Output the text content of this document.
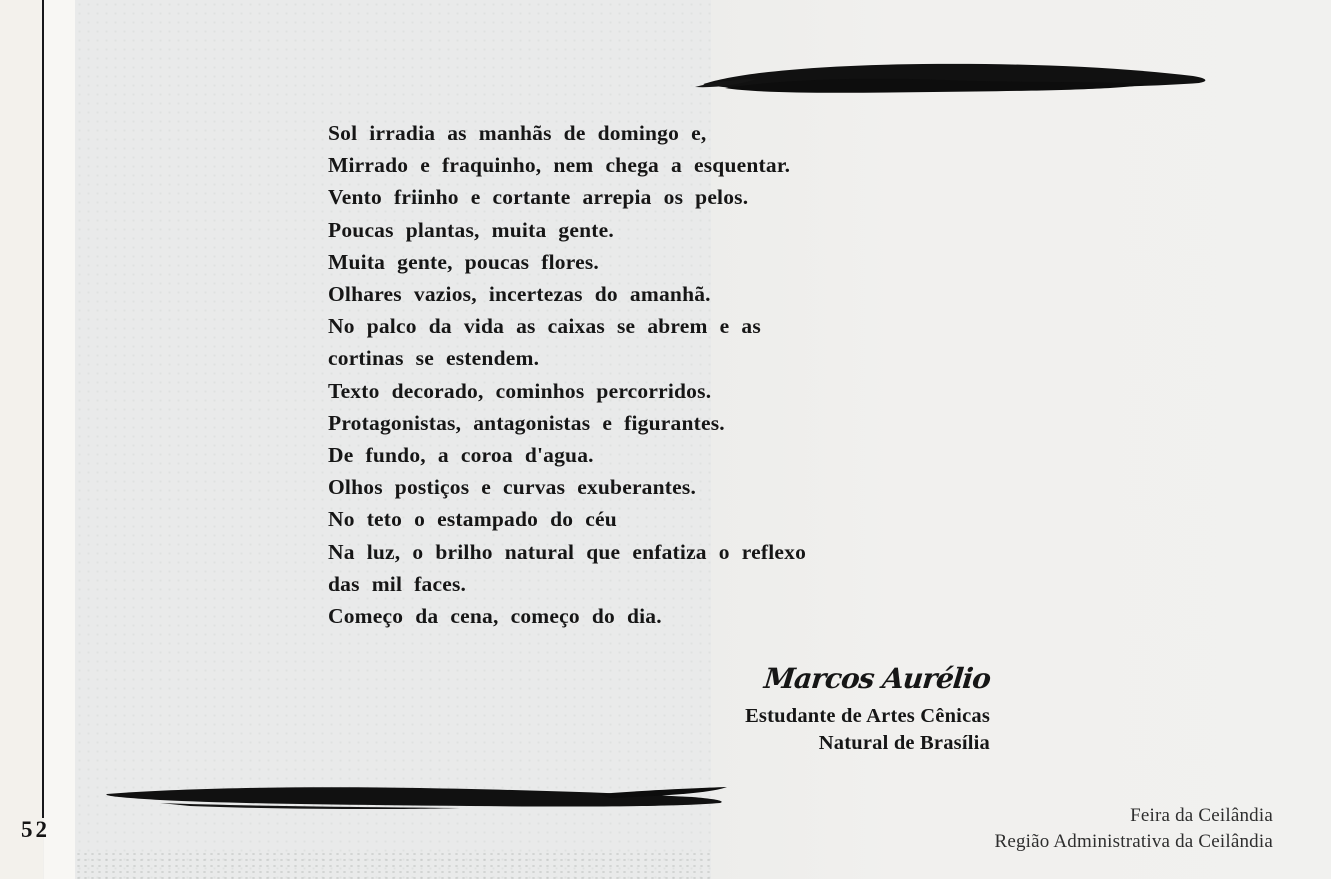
Sol irradia as manhãs de domingo e,
Mirrado e fraquinho, nem chega a esquentar.
Vento friinho e cortante arrepia os pelos.
Poucas plantas, muita gente.
Muita gente, poucas flores.
Olhares vazios, incertezas do amanhã.
No palco da vida as caixas se abrem e as
cortinas se estendem.
Texto decorado, cominhos percorridos.
Protagonistas, antagonistas e figurantes.
De fundo, a coroa d'agua.
Olhos postiços e curvas exuberantes.
No teto o estampado do céu
Na luz, o brilho natural que enfatiza o reflexo
das mil faces.
Começo da cena, começo do dia.
Marcos Aurélio
Estudante de Artes Cênicas
Natural de Brasília
52
Feira da Ceilândia
Região Administrativa da Ceilândia
